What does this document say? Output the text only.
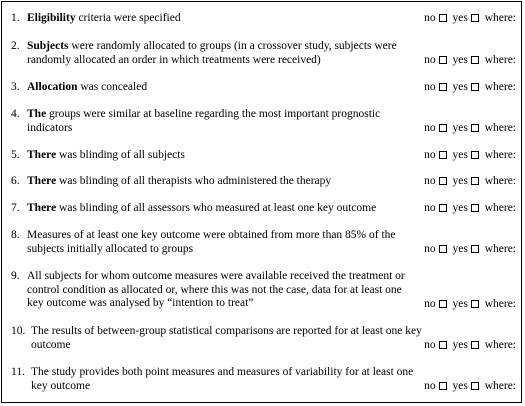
1. Eligibility criteria were specified	no yes where:
2. Subjects were randomly allocated to groups (in a crossover study, subjects were randomly allocated an order in which treatments were received)	no yes where:
3. Allocation was concealed	no yes where:
4. The groups were similar at baseline regarding the most important prognostic indicators	no yes where:
5. There was blinding of all subjects	no yes where:
6. There was blinding of all therapists who administered the therapy	no yes where:
7. There was blinding of all assessors who measured at least one key outcome	no yes where:
8. Measures of at least one key outcome were obtained from more than 85% of the subjects initially allocated to groups	no yes where:
9. All subjects for whom outcome measures were available received the treatment or control condition as allocated or, where this was not the case, data for at least one key outcome was analysed by “intention to treat”	no yes where:
10. The results of between-group statistical comparisons are reported for at least one key outcome	no yes where:
11. The study provides both point measures and measures of variability for at least one key outcome	no yes where:
